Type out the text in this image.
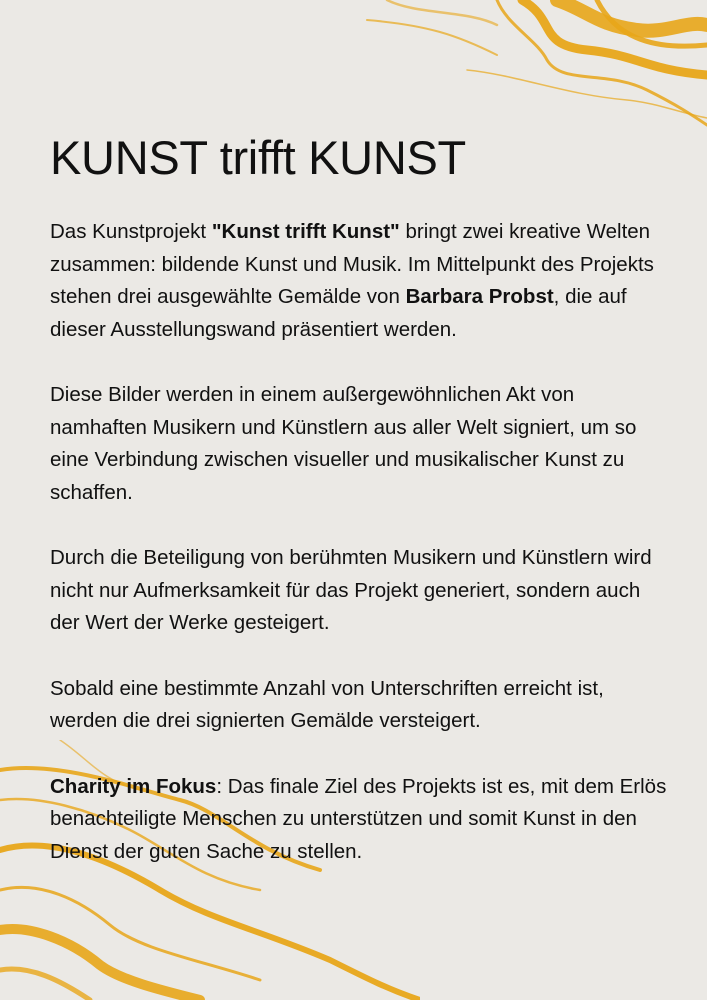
KUNST trifft KUNST

Das Kunstprojekt "Kunst trifft Kunst" bringt zwei kreative Welten zusammen: bildende Kunst und Musik. Im Mittelpunkt des Projekts stehen drei ausgewählte Gemälde von Barbara Probst, die auf dieser Ausstellungswand präsentiert werden.

Diese Bilder werden in einem außergewöhnlichen Akt von namhaften Musikern und Künstlern aus aller Welt signiert, um so eine Verbindung zwischen visueller und musikalischer Kunst zu schaffen.

Durch die Beteiligung von berühmten Musikern und Künstlern wird nicht nur Aufmerksamkeit für das Projekt generiert, sondern auch der Wert der Werke gesteigert.

Sobald eine bestimmte Anzahl von Unterschriften erreicht ist, werden die drei signierten Gemälde versteigert.

Charity im Fokus: Das finale Ziel des Projekts ist es, mit dem Erlös benachteiligte Menschen zu unterstützen und somit Kunst in den Dienst der guten Sache zu stellen.
